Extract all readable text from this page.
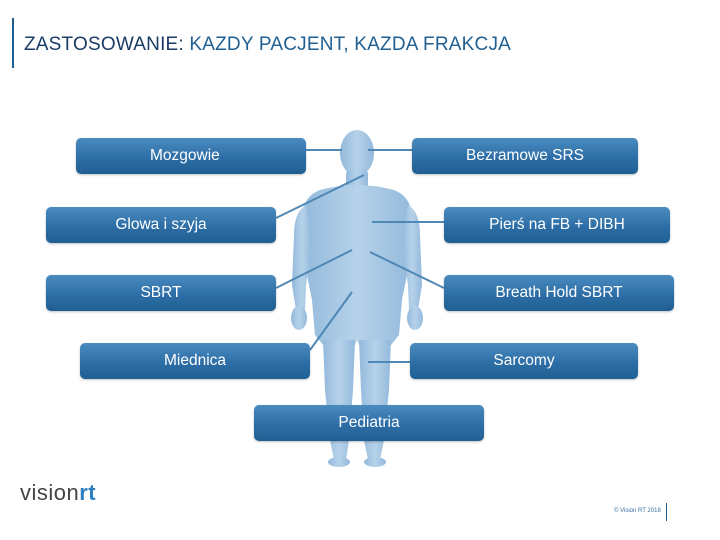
ZASTOSOWANIE: KAZDY PACJENT, KAZDA FRAKCJA
Mozgowie	Bezramowe SRS
Glowa i szyja	Pierś na FB + DIBH
SBRT	Breath Hold SBRT
Miednica	Sarcomy
Pediatria
visionrt
© Vision RT 2018
